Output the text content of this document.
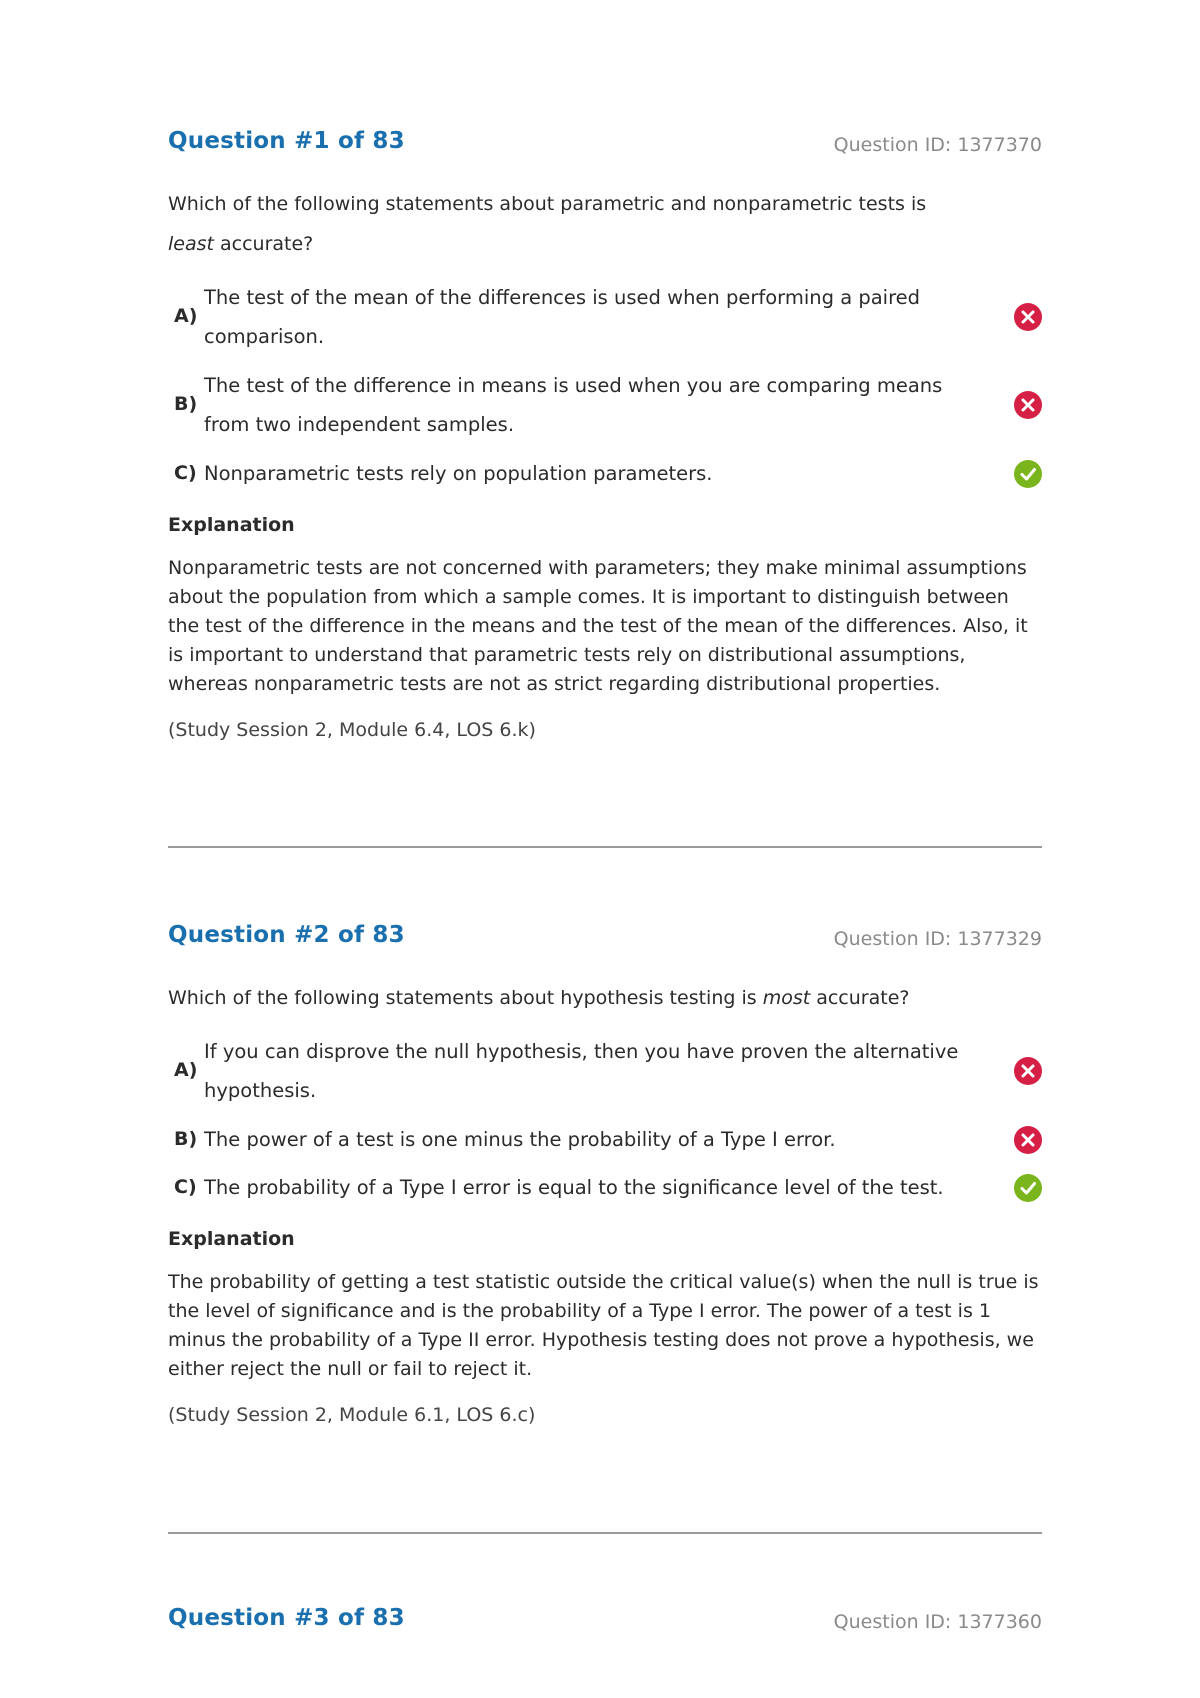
Question #1 of 83	Question ID: 1377370

Which of the following statements about parametric and nonparametric tests is least accurate?

A)
The test of the mean of the differences is used when performing a paired comparison.
B)
The test of the difference in means is used when you are comparing means from two independent samples.
C) Nonparametric tests rely on population parameters.

Explanation

Nonparametric tests are not concerned with parameters; they make minimal assumptions about the population from which a sample comes. It is important to distinguish between the test of the difference in the means and the test of the mean of the differences. Also, it is important to understand that parametric tests rely on distributional assumptions, whereas nonparametric tests are not as strict regarding distributional properties.

(Study Session 2, Module 6.4, LOS 6.k)

Question #2 of 83	Question ID: 1377329

Which of the following statements about hypothesis testing is most accurate?

A)
If you can disprove the null hypothesis, then you have proven the alternative hypothesis.
B) The power of a test is one minus the probability of a Type I error.
C) The probability of a Type I error is equal to the significance level of the test.

Explanation

The probability of getting a test statistic outside the critical value(s) when the null is true is the level of significance and is the probability of a Type I error. The power of a test is 1 minus the probability of a Type II error. Hypothesis testing does not prove a hypothesis, we either reject the null or fail to reject it.

(Study Session 2, Module 6.1, LOS 6.c)

Question #3 of 83	Question ID: 1377360
